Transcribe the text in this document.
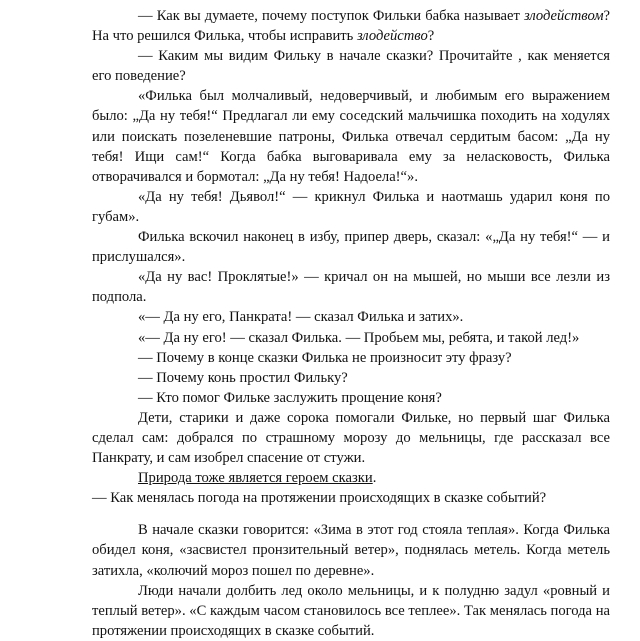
— Как вы думаете, почему поступок Фильки бабка называет злодейством? На что решился Филька, чтобы исправить злодейство?

— Каким мы видим Фильку в начале сказки? Прочитайте , как меняется его поведение?

«Филька был молчаливый, недоверчивый, и любимым его выражением было: „Да ну тебя!“ Предлагал ли ему соседский мальчишка походить на ходулях или поискать позеленевшие патроны, Филька отвечал сердитым басом: „Да ну тебя! Ищи сам!“ Когда бабка выговаривала ему за неласковость, Филька отворачивался и бормотал: „Да ну тебя! Надоела!“».

«Да ну тебя! Дьявол!“ — крикнул Филька и наотмашь ударил коня по губам».

Филька вскочил наконец в избу, припер дверь, сказал: «„Да ну тебя!“ — и прислушался».

«Да ну вас! Проклятые!» — кричал он на мышей, но мыши все лезли из подпола.

«— Да ну его, Панкрата! — сказал Филька и затих».

«— Да ну его! — сказал Филька. — Пробьем мы, ребята, и такой лед!»

— Почему в конце сказки Филька не произносит эту фразу?

— Почему конь простил Фильку?

— Кто помог Фильке заслужить прощение коня?

Дети, старики и даже сорока помогали Фильке, но первый шаг Филька сделал сам: добрался по страшному морозу до мельницы, где рассказал все Панкрату, и сам изобрел спасение от стужи.

Природа тоже является героем сказки.

— Как менялась погода на протяжении происходящих в сказке событий?

В начале сказки говорится: «Зима в этот год стояла теплая». Когда Филька обидел коня, «засвистел пронзительный ветер», поднялась метель. Когда метель затихла, «колючий мороз пошел по деревне».

Люди начали долбить лед около мельницы, и к полудню задул «ровный и теплый ветер». «С каждым часом становилось все теплее». Так менялась погода на протяжении происходящих в сказке событий.
